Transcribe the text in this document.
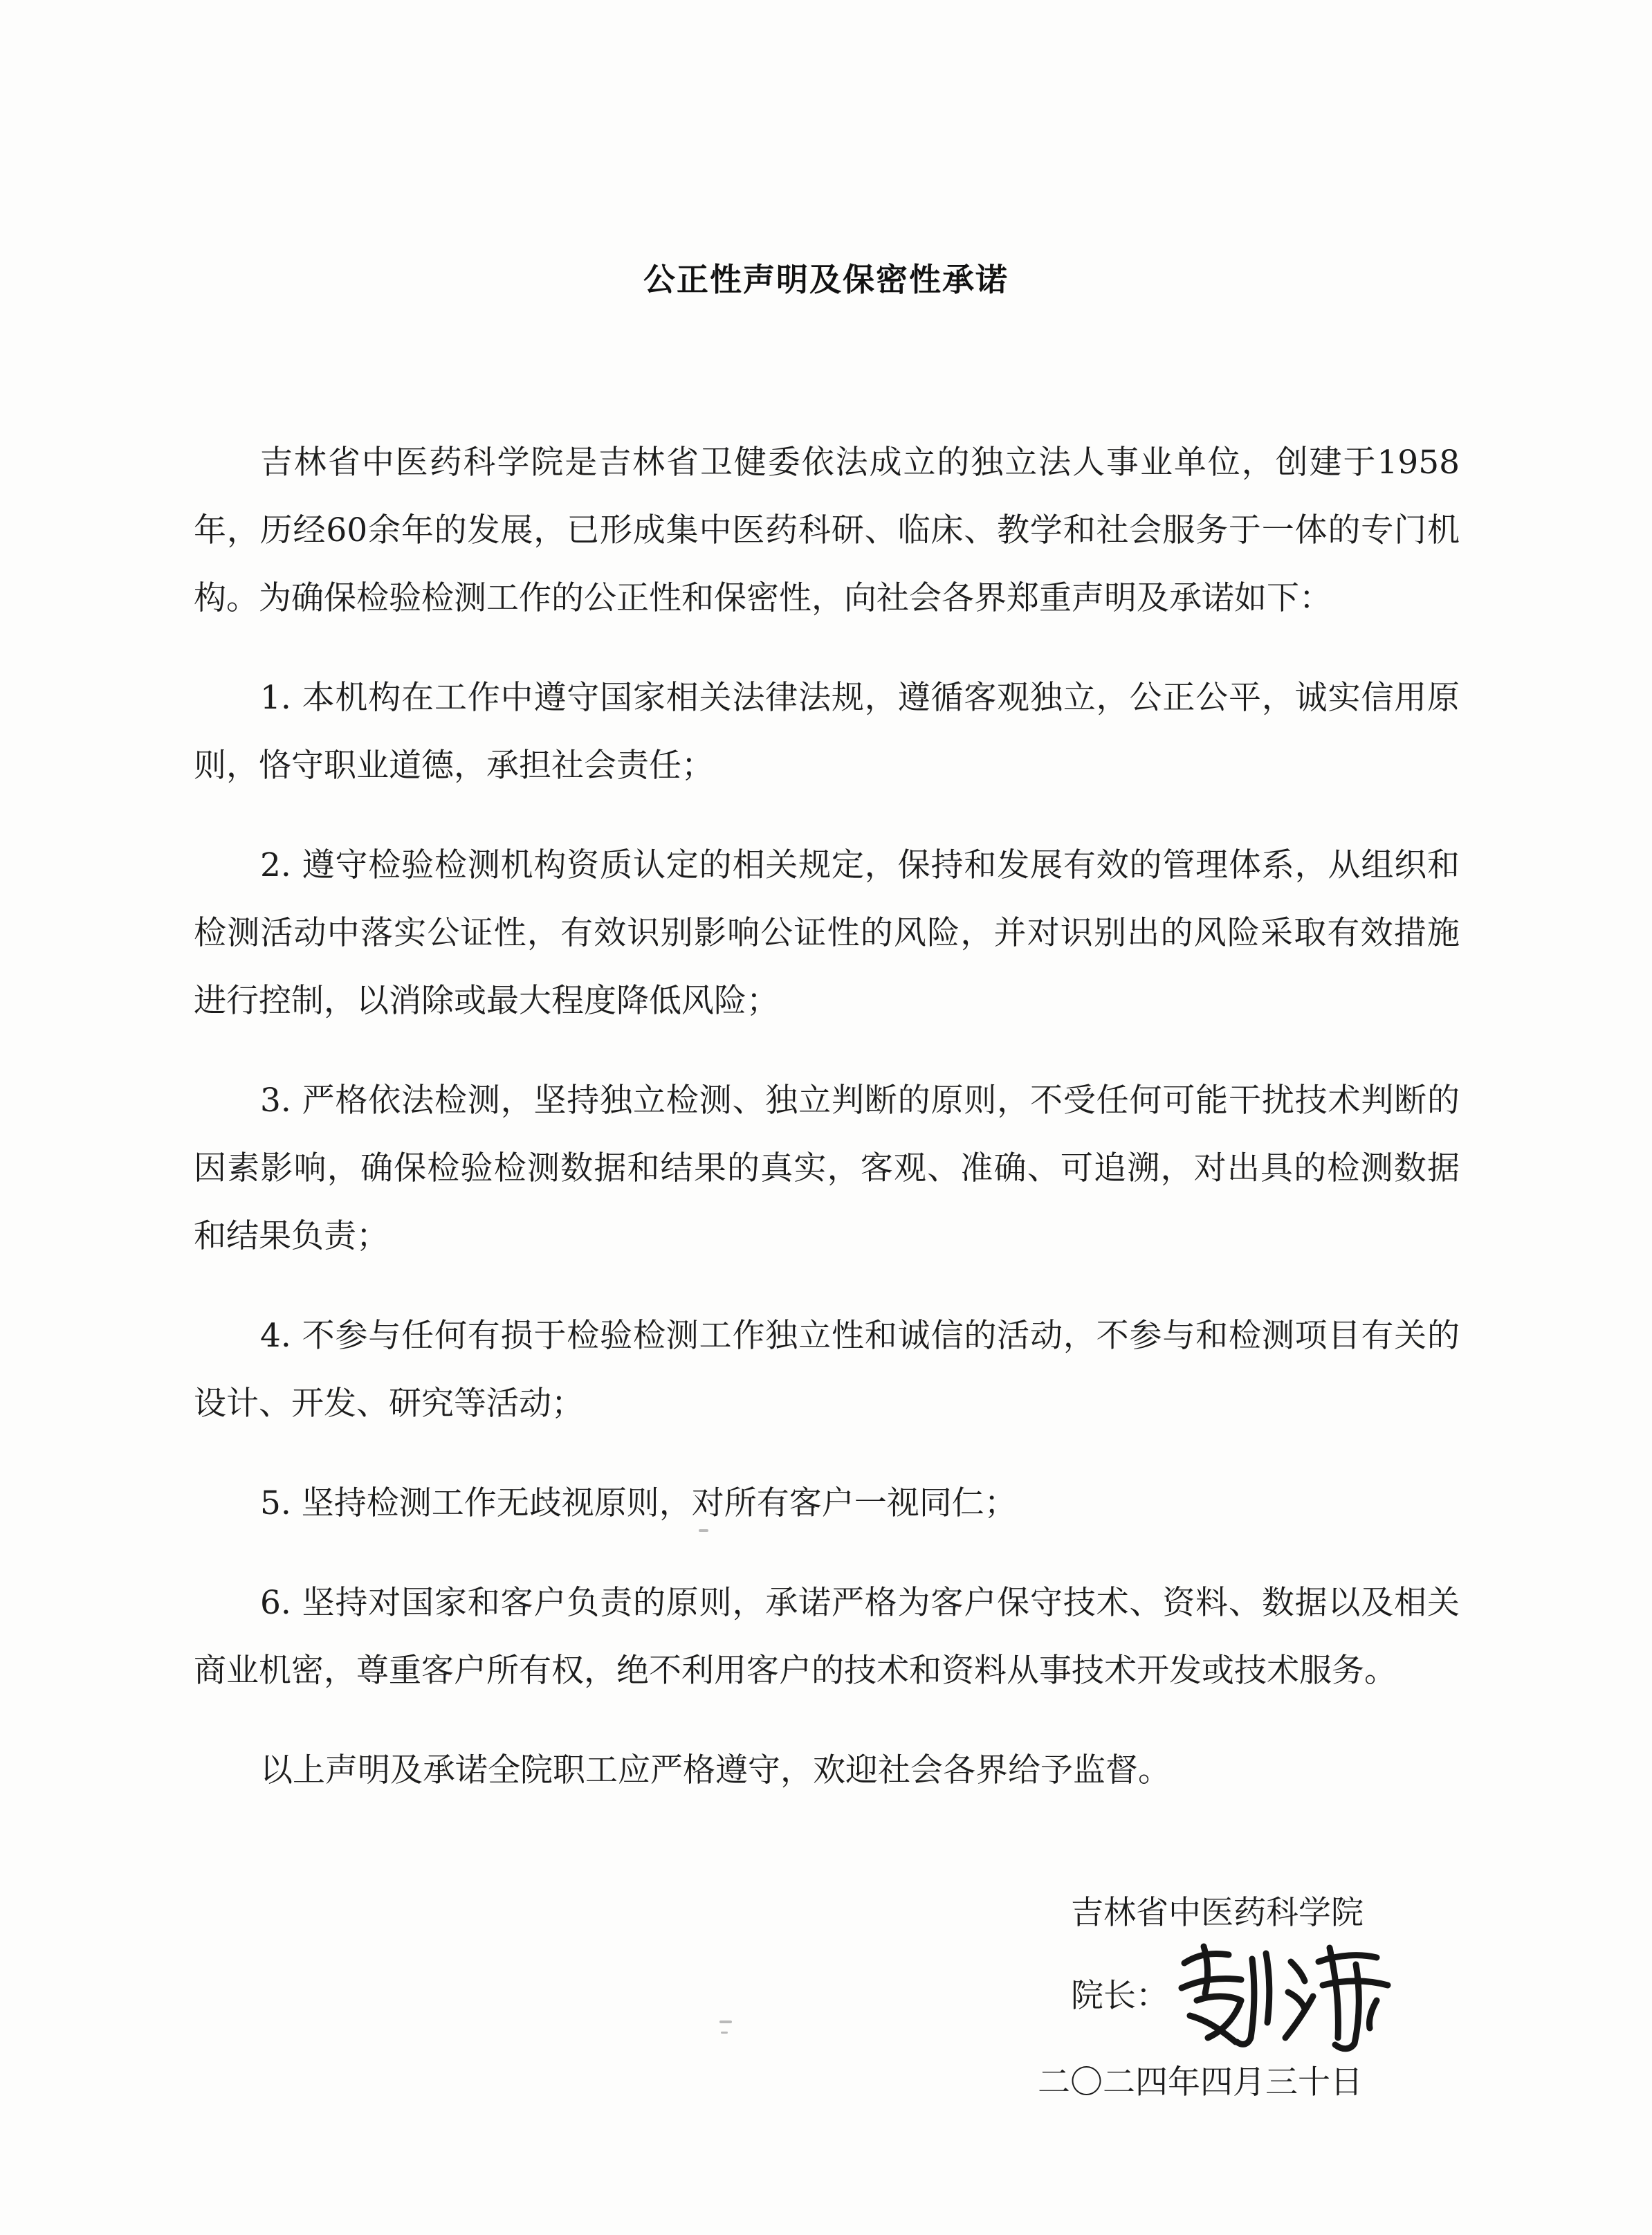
公正性声明及保密性承诺

吉林省中医药科学院是吉林省卫健委依法成立的独立法人事业单位，创建于1958年，历经60余年的发展，已形成集中医药科研、临床、教学和社会服务于一体的专门机构。为确保检验检测工作的公正性和保密性，向社会各界郑重声明及承诺如下：

1. 本机构在工作中遵守国家相关法律法规，遵循客观独立，公正公平，诚实信用原则，恪守职业道德，承担社会责任；

2. 遵守检验检测机构资质认定的相关规定，保持和发展有效的管理体系，从组织和检测活动中落实公证性，有效识别影响公证性的风险，并对识别出的风险采取有效措施进行控制，以消除或最大程度降低风险；

3. 严格依法检测，坚持独立检测、独立判断的原则，不受任何可能干扰技术判断的因素影响，确保检验检测数据和结果的真实，客观、准确、可追溯，对出具的检测数据和结果负责；

4. 不参与任何有损于检验检测工作独立性和诚信的活动，不参与和检测项目有关的设计、开发、研究等活动；

5. 坚持检测工作无歧视原则，对所有客户一视同仁；

6. 坚持对国家和客户负责的原则，承诺严格为客户保守技术、资料、数据以及相关商业机密，尊重客户所有权，绝不利用客户的技术和资料从事技术开发或技术服务。

以上声明及承诺全院职工应严格遵守，欢迎社会各界给予监督。

吉林省中医药科学院
院长：
二〇二四年四月三十日
